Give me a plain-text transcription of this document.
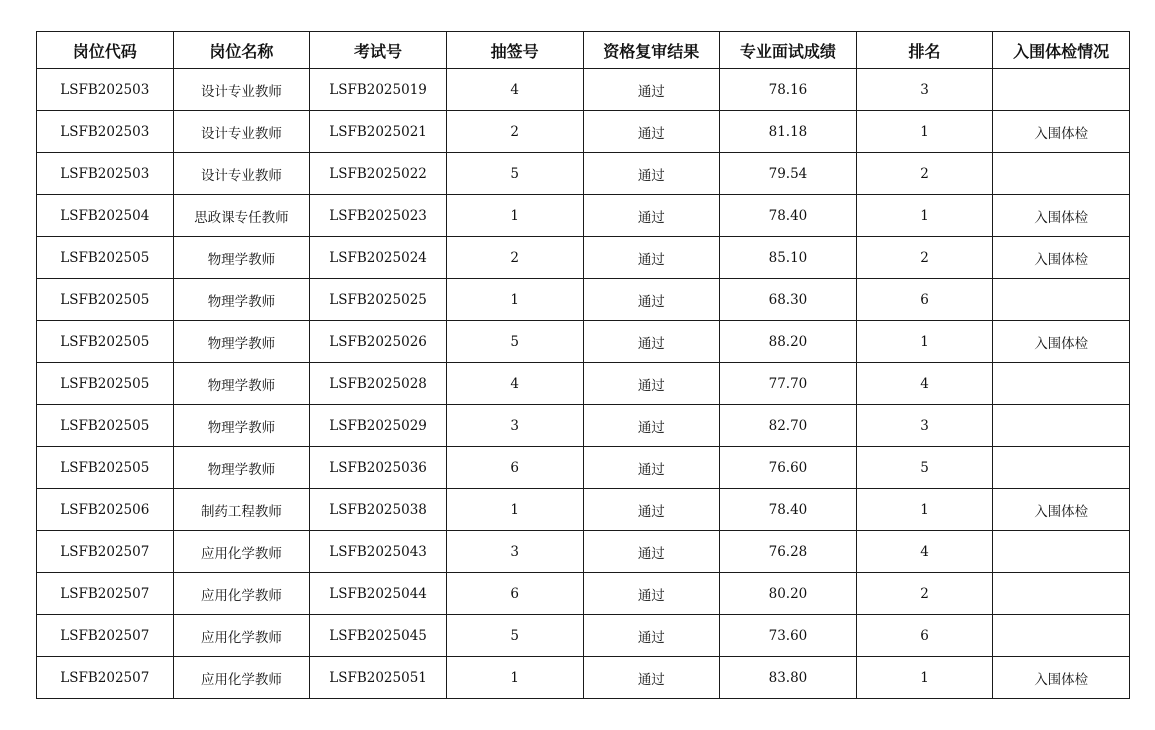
岗位代码	岗位名称	考试号	抽签号	资格复审结果	专业面试成绩	排名	入围体检情况
LSFB202503	设计专业教师	LSFB2025019	4	通过	78.16	3	
LSFB202503	设计专业教师	LSFB2025021	2	通过	81.18	1	入围体检
LSFB202503	设计专业教师	LSFB2025022	5	通过	79.54	2	
LSFB202504	思政课专任教师	LSFB2025023	1	通过	78.40	1	入围体检
LSFB202505	物理学教师	LSFB2025024	2	通过	85.10	2	入围体检
LSFB202505	物理学教师	LSFB2025025	1	通过	68.30	6	
LSFB202505	物理学教师	LSFB2025026	5	通过	88.20	1	入围体检
LSFB202505	物理学教师	LSFB2025028	4	通过	77.70	4	
LSFB202505	物理学教师	LSFB2025029	3	通过	82.70	3	
LSFB202505	物理学教师	LSFB2025036	6	通过	76.60	5	
LSFB202506	制药工程教师	LSFB2025038	1	通过	78.40	1	入围体检
LSFB202507	应用化学教师	LSFB2025043	3	通过	76.28	4	
LSFB202507	应用化学教师	LSFB2025044	6	通过	80.20	2	
LSFB202507	应用化学教师	LSFB2025045	5	通过	73.60	6	
LSFB202507	应用化学教师	LSFB2025051	1	通过	83.80	1	入围体检
